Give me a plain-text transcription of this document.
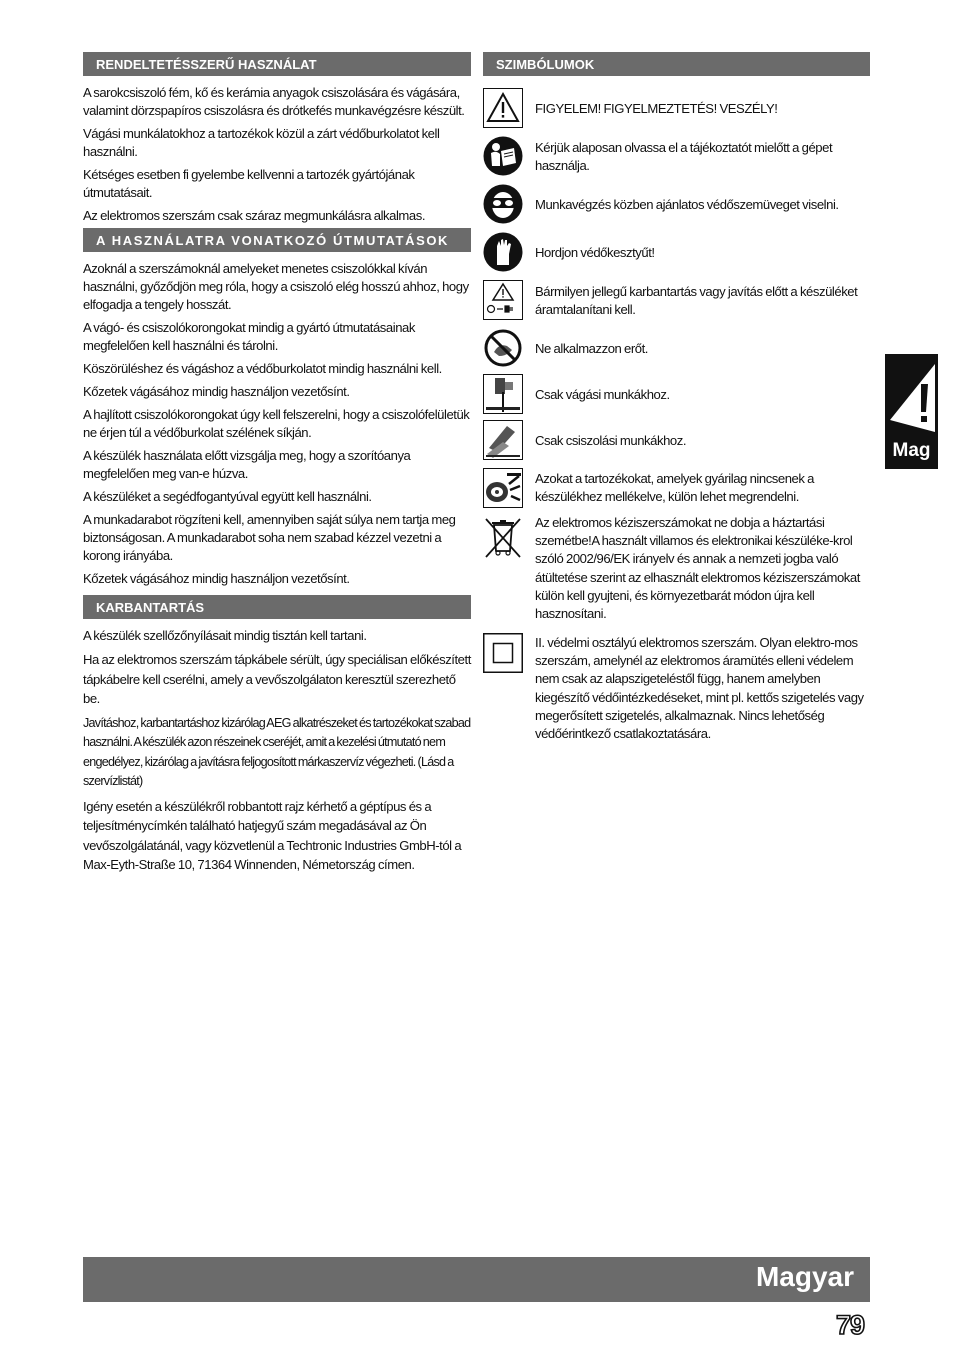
RENDELTETÉSSZERŰ HASZNÁLAT

A sarokcsiszoló fém, kő és kerámia anyagok csiszolására és vágására, valamint dörzspapíros csiszolásra és drótkefés munkavégzésre készült.

Vágási munkálatokhoz a tartozékok közül a zárt védőburkolatot kell használni.

Kétséges esetben fi gyelembe kellvenni a tartozék gyártójának útmutatásait.

Az elektromos szerszám csak száraz megmunkálásra alkalmas.

A HASZNÁLATRA VONATKOZÓ ÚTMUTATÁSOK

Azoknál a szerszámoknál amelyeket menetes csiszolókkal kíván használni, győződjön meg róla, hogy a csiszoló elég hosszú ahhoz, hogy elfogadja a tengely hosszát.

A vágó- és csiszolókorongokat mindig a gyártó útmutatásainak megfelelően kell használni és tárolni.

Köszörüléshez és vágáshoz a védőburkolatot mindig használni kell.

Kőzetek vágásához mindig használjon vezetősínt.

A hajlított csiszolókorongokat úgy kell felszerelni, hogy a csiszolófelületük ne érjen túl a védőburkolat szélének síkján.

A készülék használata előtt vizsgálja meg, hogy a szorítóanya megfelelően meg van-e húzva.

A készüléket a segédfogantyúval együtt kell használni.

A munkadarabot rögzíteni kell, amennyiben saját súlya nem tartja meg biztonságosan. A munkadarabot soha nem szabad kézzel vezetni a korong irányába.

Kőzetek vágásához mindig használjon vezetősínt.

KARBANTARTÁS

A készülék szellőzőnyílásait mindig tisztán kell tartani.

Ha az elektromos szerszám tápkábele sérült, úgy speciálisan előkészített tápkábelre kell cserélni, amely a vevőszolgálaton keresztül szerezhető be.

Javításhoz, karbantartáshoz kizárólag AEG alkatrészeket és tartozékokat szabad használni. A készülék azon részeinek cseréjét, amit a kezelési útmutató nem engedélyez, kizárólag a javításra feljogosított márkaszervíz végezheti. (Lásd a szervízlistát)

Igény esetén a készülékről robbantott rajz kérhető a géptípus és a teljesítménycímkén található hatjegyű szám megadásával az Ön vevőszolgálatánál, vagy közvetlenül a Techtronic Industries GmbH-tól a Max-Eyth-Straße 10, 71364 Winnenden, Németország címen.

SZIMBÓLUMOK
FIGYELEM! FIGYELMEZTETÉS! VESZÉLY!
Kérjük alaposan olvassa el a tájékoztatót mielőtt a gépet használja.
Munkavégzés közben ajánlatos védőszemüveget viselni.
Hordjon védőkesztyűt!
Bármilyen jellegű karbantartás vagy javítás előtt a készüléket áramtalanítani kell.
Ne alkalmazzon erőt.
Csak vágási munkákhoz.
Csak csiszolási munkákhoz.
Azokat a tartozékokat, amelyek gyárilag nincsenek a készülékhez mellékelve, külön lehet megrendelni.
Az elektromos kéziszerszámokat ne dobja a háztartási szemétbe!A használt villamos és elektronikai készüléke-krol szóló 2002/96/EK irányelv és annak a nemzeti jogba való átültetése szerint az elhasznált elektromos kéziszerszámokat külön kell gyujteni, és környezetbarát módon újra kell hasznosítani.
II. védelmi osztályú elektromos szerszám. Olyan elektro-mos szerszám, amelynél az elektromos áramütés elleni védelem nem csak az alapszigeteléstől függ, hanem amelyben kiegészítő védőintézkedéseket, mint pl. kettős szigetelés vagy megerősített szigetelés, alkalmaznak. Nincs lehetőség védőérintkező csatlakoztatására.
Mag
Magyar
79
